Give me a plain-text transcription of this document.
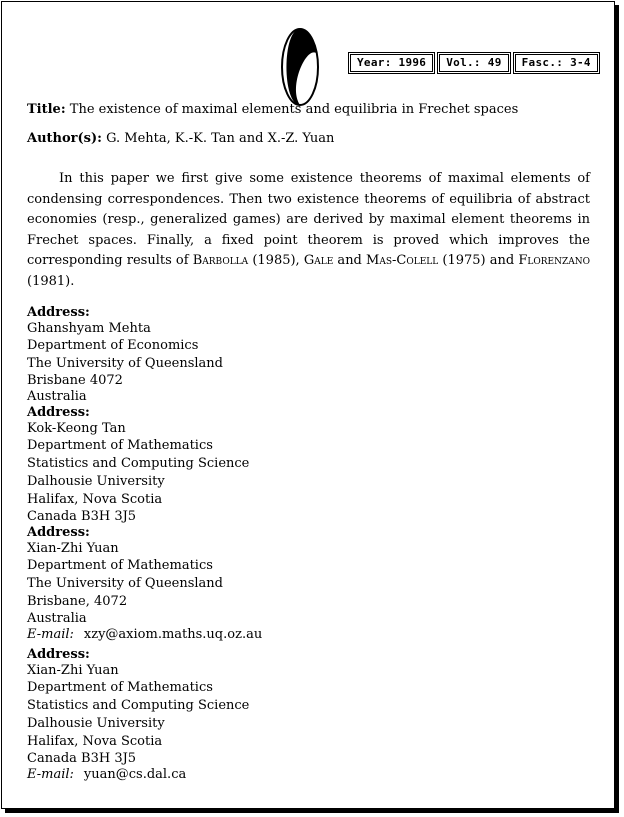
Year: 1996	Vol.: 49	Fasc.: 3-4
Title: The existence of maximal elements and equilibria in Frechet spaces
Author(s): G. Mehta, K.-K. Tan and X.-Z. Yuan
In this paper we first give some existence theorems of maximal elements of condensing correspondences. Then two existence theorems of equilibria of abstract economies (resp., generalized games) are derived by maximal element theorems in Frechet spaces. Finally, a fixed point theorem is proved which improves the corresponding results of Barbolla (1985), Gale and Mas-Colell (1975) and Florenzano (1981).
Address:
Ghanshyam Mehta
Department of Economics
The University of Queensland
Brisbane 4072
Australia
Address:
Kok-Keong Tan
Department of Mathematics
Statistics and Computing Science
Dalhousie University
Halifax, Nova Scotia
Canada B3H 3J5
Address:
Xian-Zhi Yuan
Department of Mathematics
The University of Queensland
Brisbane, 4072
Australia
E-mail: xzy@axiom.maths.uq.oz.au
Address:
Xian-Zhi Yuan
Department of Mathematics
Statistics and Computing Science
Dalhousie University
Halifax, Nova Scotia
Canada B3H 3J5
E-mail: yuan@cs.dal.ca
